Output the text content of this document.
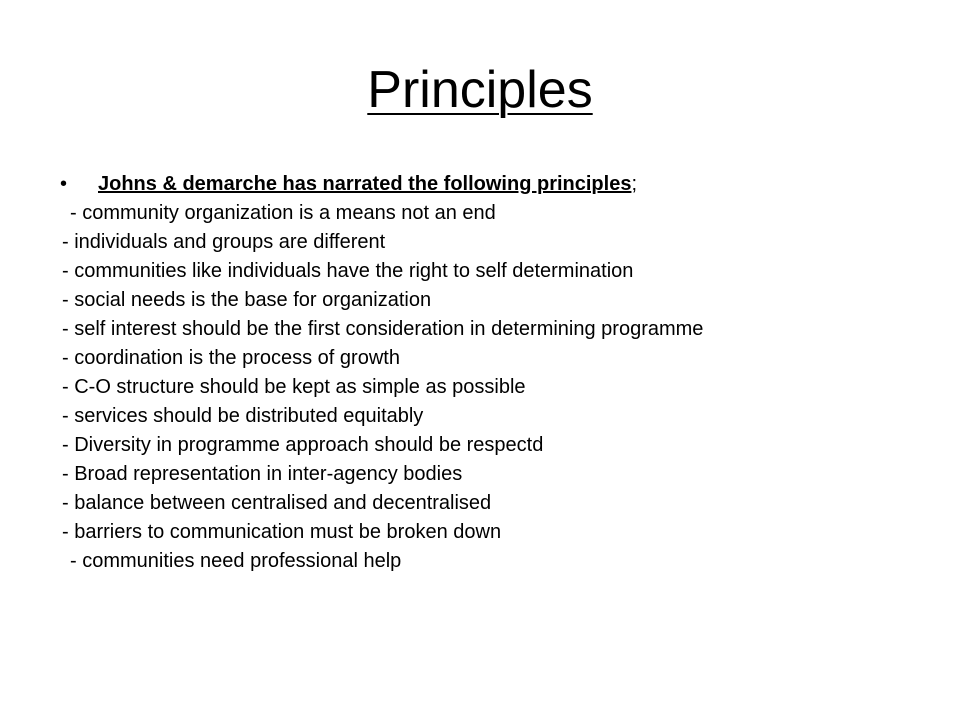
Principles
• Johns & demarche has narrated the following principles;
- community organization is a means not an end
- individuals and groups are different
- communities like individuals have the right to self determination
- social needs is the base for organization
- self interest should be the first consideration in determining programme
- coordination is the process of growth
- C-O structure should be kept as simple as possible
- services should be distributed equitably
- Diversity in programme approach should be respectd
- Broad representation in inter-agency bodies
- balance between centralised and decentralised
- barriers to communication must be broken down
- communities need professional help
